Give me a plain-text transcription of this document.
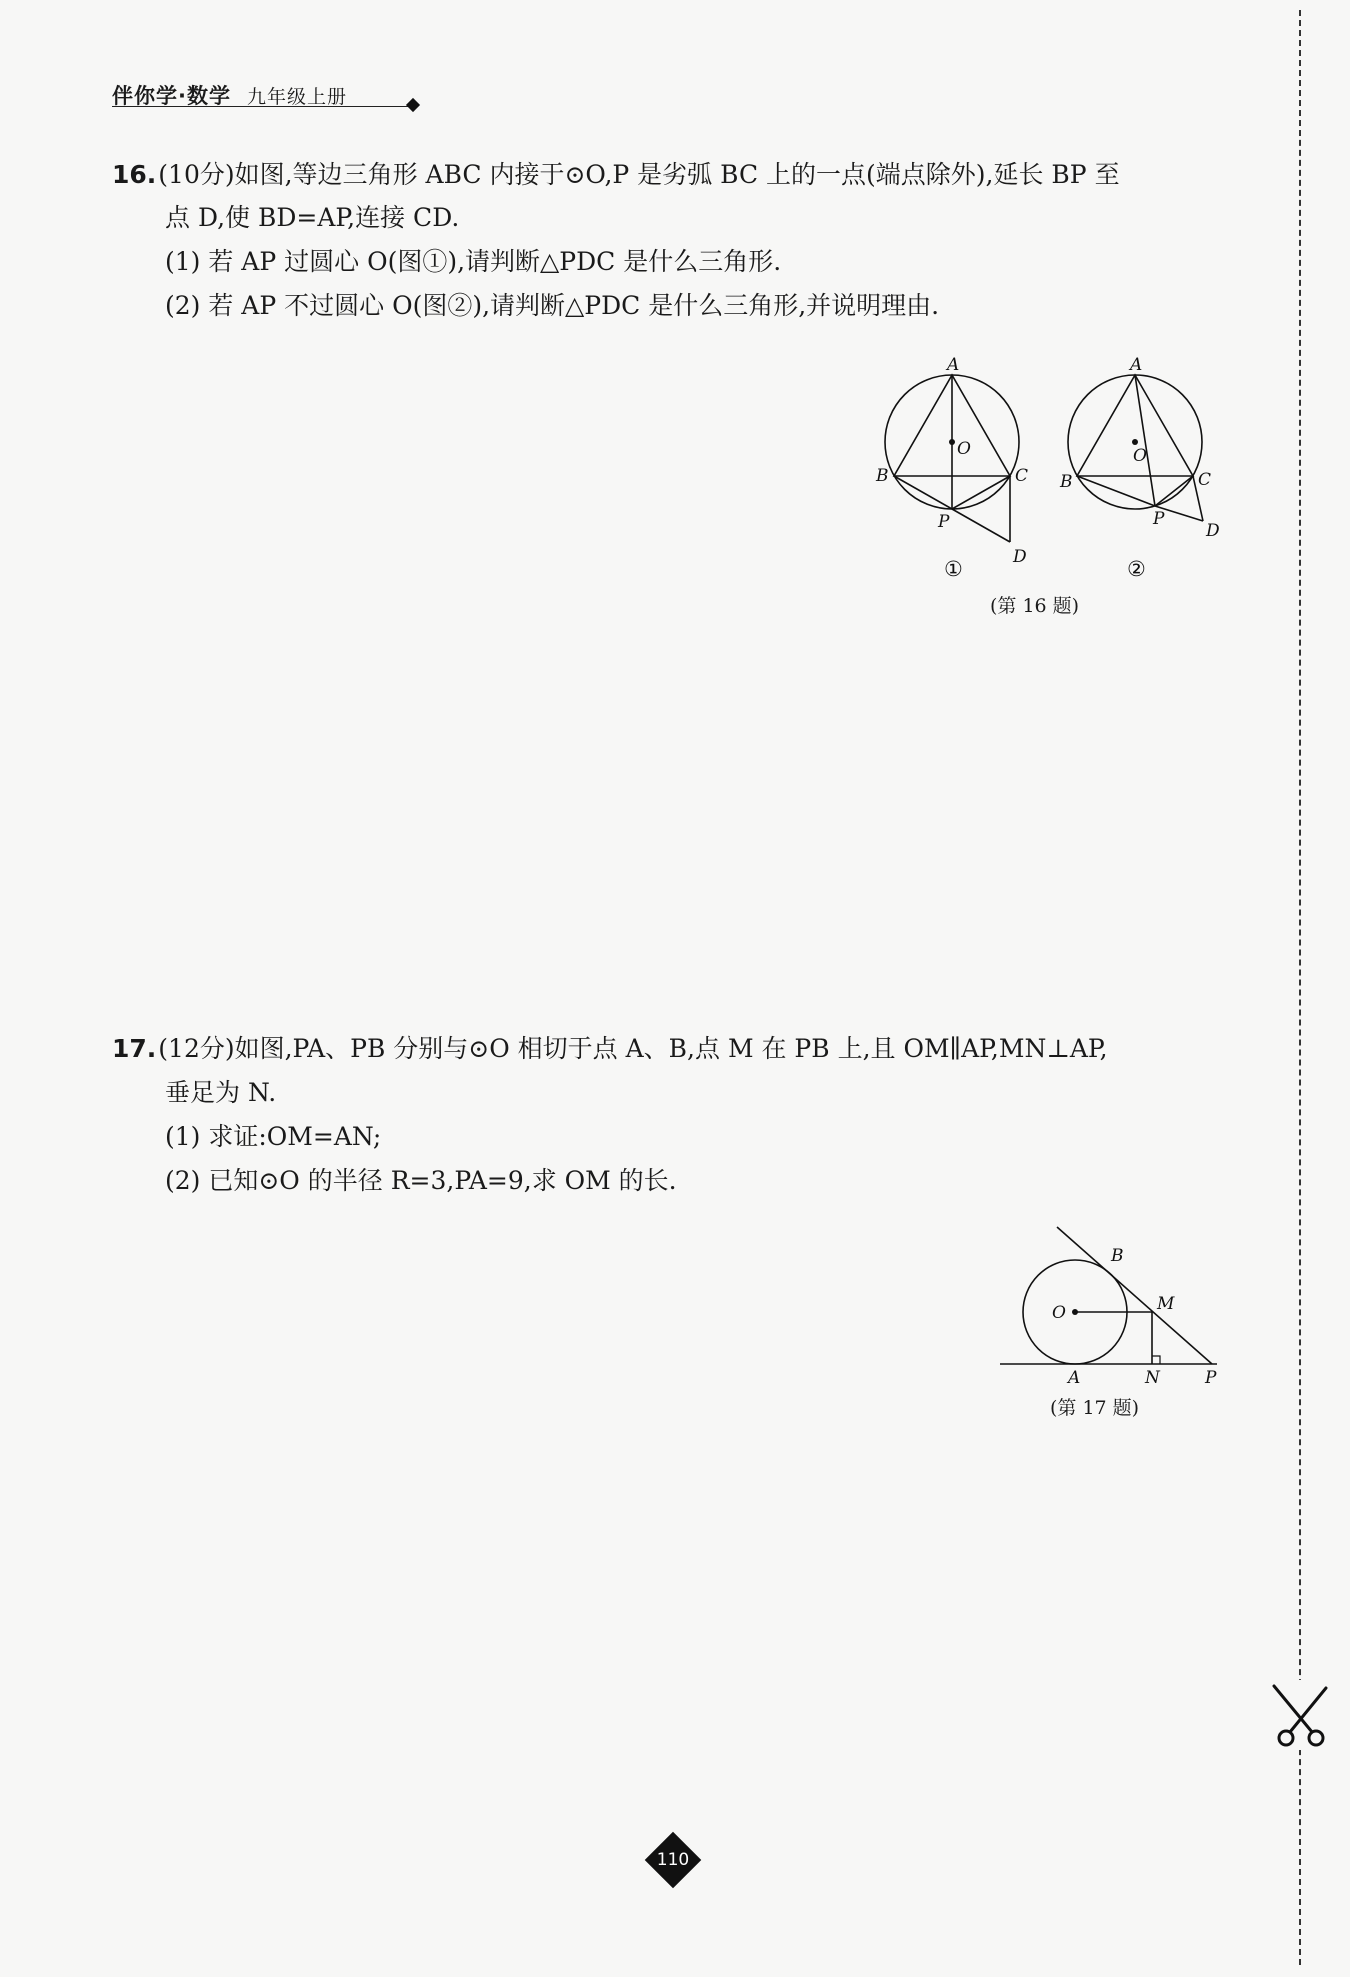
伴你学·数学 九年级上册
16.(10分)如图,等边三角形 ABC 内接于⊙O,P 是劣弧 BC 上的一点(端点除外),延长 BP 至
点 D,使 BD=AP,连接 CD.
(1) 若 AP 过圆心 O(图①),请判断△PDC 是什么三角形.
(2) 若 AP 不过圆心 O(图②),请判断△PDC 是什么三角形,并说明理由.
A
O
B	C
P
D
①
A
O
B	C
P
D
②
(第 16 题)
17.(12分)如图,PA、PB 分别与⊙O 相切于点 A、B,点 M 在 PB 上,且 OM∥AP,MN⊥AP,
垂足为 N.
(1) 求证:OM=AN;
(2) 已知⊙O 的半径 R=3,PA=9,求 OM 的长.
O
B
M
A	N	P
(第 17 题)
110
